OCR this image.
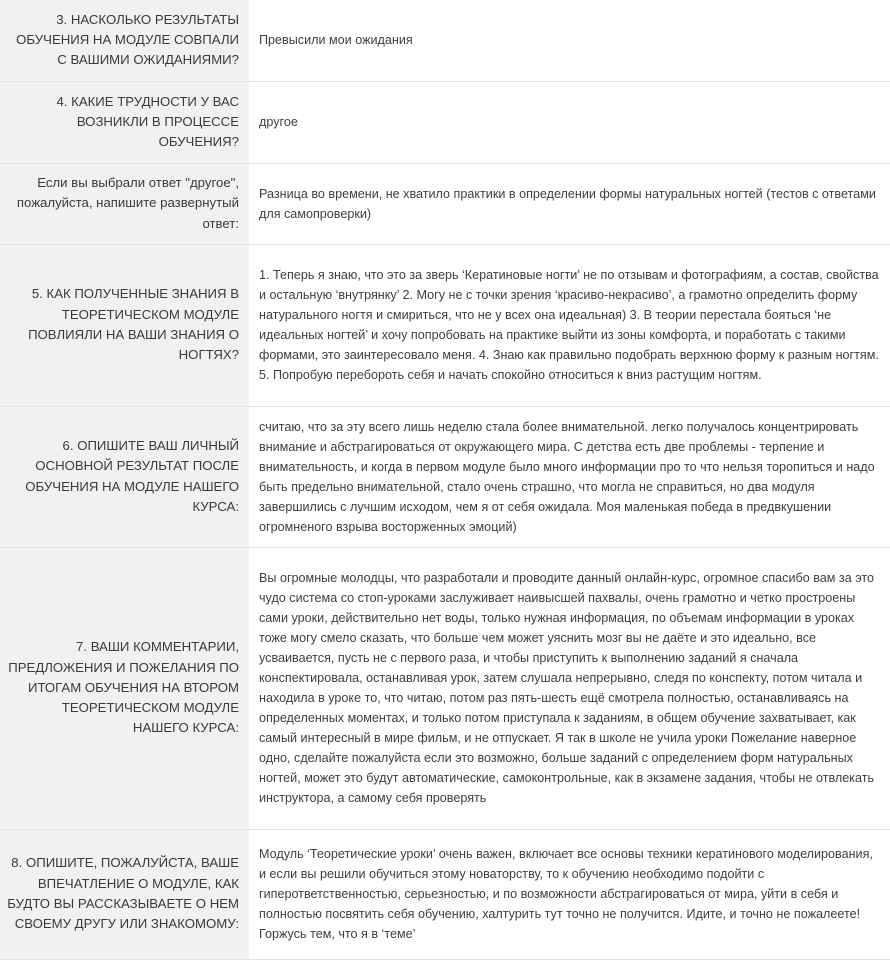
3. НАСКОЛЬКО РЕЗУЛЬТАТЫ ОБУЧЕНИЯ НА МОДУЛЕ СОВПАЛИ С ВАШИМИ ОЖИДАНИЯМИ?	Превысили мои ожидания
4. КАКИЕ ТРУДНОСТИ У ВАС ВОЗНИКЛИ В ПРОЦЕССЕ ОБУЧЕНИЯ?	другое
Если вы выбрали ответ "другое", пожалуйста, напишите развернутый ответ:	Разница во времени, не хватило практики в определении формы натуральных ногтей (тестов с ответами для самопроверки)
5. КАК ПОЛУЧЕННЫЕ ЗНАНИЯ В ТЕОРЕТИЧЕСКОМ МОДУЛЕ ПОВЛИЯЛИ НА ВАШИ ЗНАНИЯ О НОГТЯХ?	1. Теперь я знаю, что это за зверь ‘Кератиновые ногти’ не по отзывам и фотографиям, а состав, свойства и остальную ‘внутрянку’ 2. Могу не с точки зрения ‘красиво-некрасиво’, а грамотно определить форму натурального ногтя и смириться, что не у всех она идеальная) 3. В теории перестала бояться ‘не идеальных ногтей’ и хочу попробовать на практике выйти из зоны комфорта, и поработать с такими формами, это заинтересовало меня. 4. Знаю как правильно подобрать верхнюю форму к разным ногтям. 5. Попробую перебороть себя и начать спокойно относиться к вниз растущим ногтям.
6. ОПИШИТЕ ВАШ ЛИЧНЫЙ ОСНОВНОЙ РЕЗУЛЬТАТ ПОСЛЕ ОБУЧЕНИЯ НА МОДУЛЕ НАШЕГО КУРСА:	считаю, что за эту всего лишь неделю стала более внимательной. легко получалось концентрировать внимание и абстрагироваться от окружающего мира. С детства есть две проблемы - терпение и внимательность, и когда в первом модуле было много информации про то что нельзя торопиться и надо быть предельно внимательной, стало очень страшно, что могла не справиться, но два модуля завершились с лучшим исходом, чем я от себя ожидала. Моя маленькая победа в предвкушении огромненого взрыва восторженных эмоций)
7. ВАШИ КОММЕНТАРИИ, ПРЕДЛОЖЕНИЯ И ПОЖЕЛАНИЯ ПО ИТОГАМ ОБУЧЕНИЯ НА ВТОРОМ ТЕОРЕТИЧЕСКОМ МОДУЛЕ НАШЕГО КУРСА:	Вы огромные молодцы, что разработали и проводите данный онлайн-курс, огромное спасибо вам за это чудо система со стоп-уроками заслуживает наивысшей пахвалы, очень грамотно и четко простроены сами уроки, действительно нет воды, только нужная информация, по объемам информации в уроках тоже могу смело сказать, что больше чем может уяснить мозг вы не даёте и это идеально, все усваивается, пусть не с первого раза, и чтобы приступить к выполнению заданий я сначала конспектировала, останавливая урок, затем слушала непрерывно, следя по конспекту, потом читала и находила в уроке то, что читаю, потом раз пять-шесть ещё смотрела полностью, останавливаясь на определенных моментах, и только потом приступала к заданиям, в общем обучение захватывает, как самый интересный в мире фильм, и не отпускает. Я так в школе не учила уроки Пожелание наверное одно, сделайте пожалуйста если это возможно, больше заданий с определением форм натуральных ногтей, может это будут автоматические, самоконтрольные, как в экзамене задания, чтобы не отвлекать инструктора, а самому себя проверять
8. ОПИШИТЕ, ПОЖАЛУЙСТА, ВАШЕ ВПЕЧАТЛЕНИЕ О МОДУЛЕ, КАК БУДТО ВЫ РАССКАЗЫВАЕТЕ О НЕМ СВОЕМУ ДРУГУ ИЛИ ЗНАКОМОМУ:	Модуль ‘Теоретические уроки’ очень важен, включает все основы техники кератинового моделирования, и если вы решили обучиться этому новаторству, то к обучению необходимо подойти с гиперответственностью, серьезностью, и по возможности абстрагироваться от мира, уйти в себя и полностью посвятить себя обучению, халтурить тут точно не получится. Идите, и точно не пожалеете! Горжусь тем, что я в ‘теме’
